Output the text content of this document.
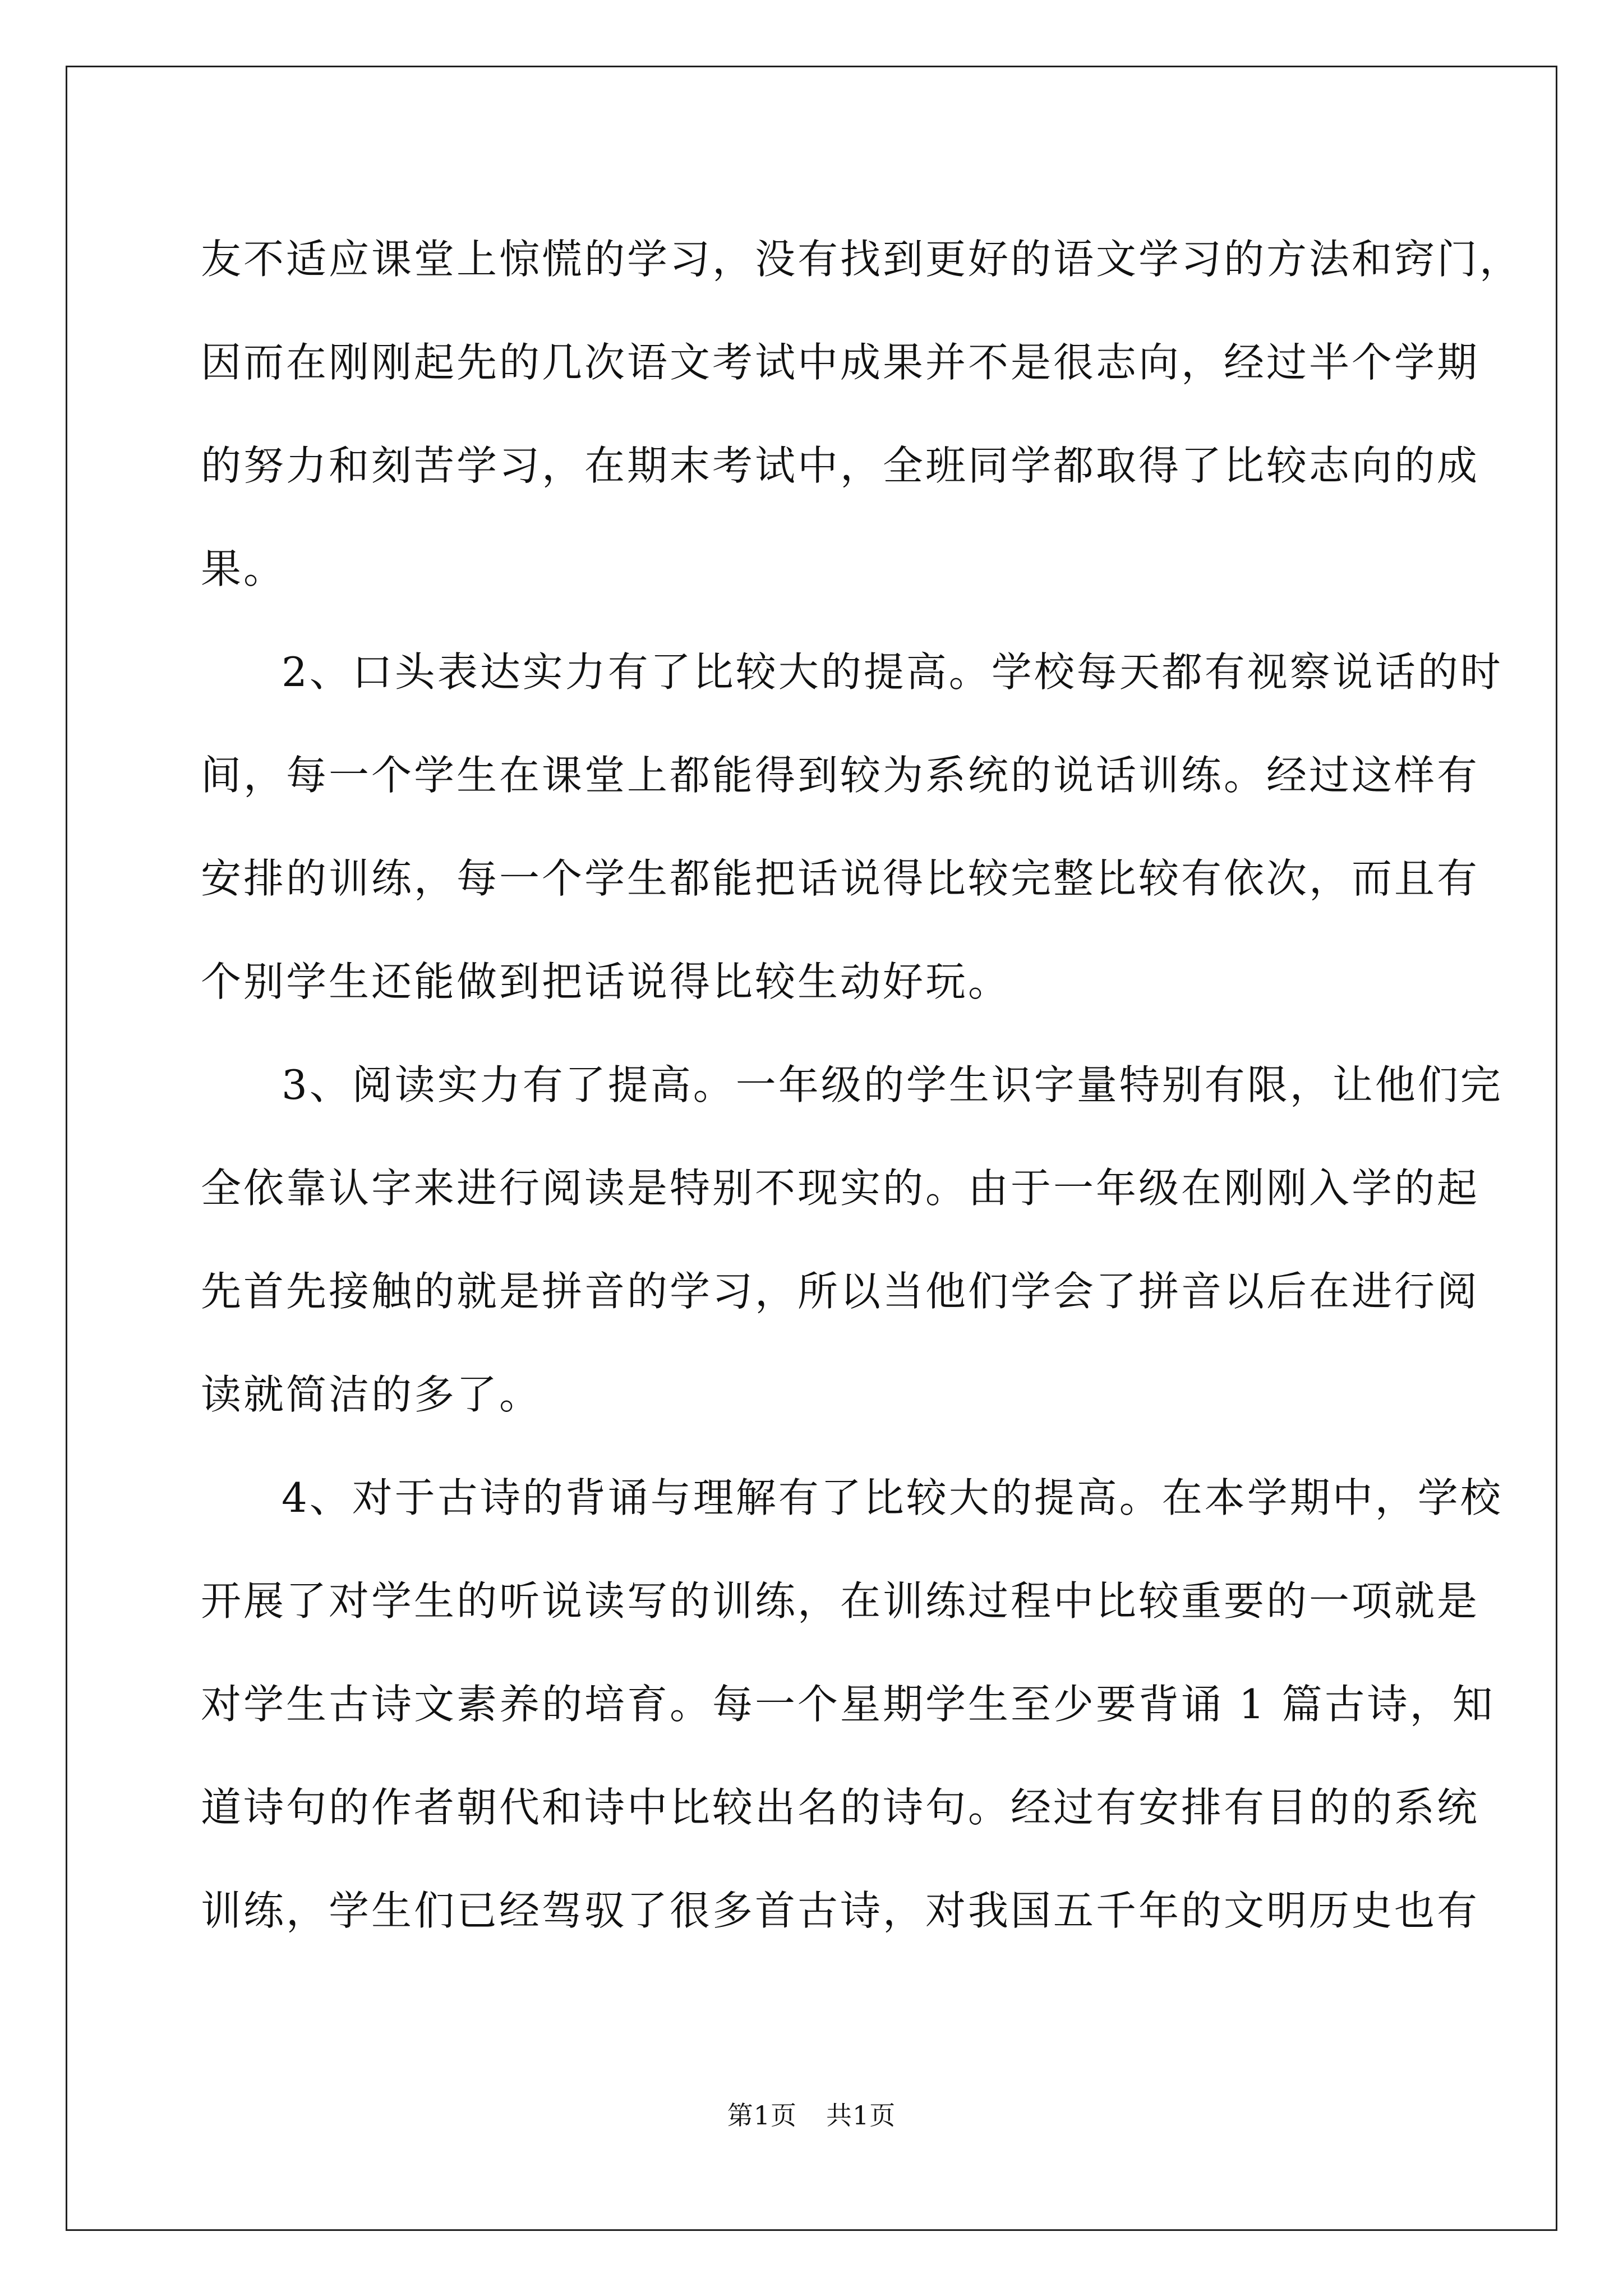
友不适应课堂上惊慌的学习，没有找到更好的语文学习的方法和窍门，
因而在刚刚起先的几次语文考试中成果并不是很志向，经过半个学期
的努力和刻苦学习，在期末考试中，全班同学都取得了比较志向的成
果。
2、口头表达实力有了比较大的提高。学校每天都有视察说话的时
间，每一个学生在课堂上都能得到较为系统的说话训练。经过这样有
安排的训练，每一个学生都能把话说得比较完整比较有依次，而且有
个别学生还能做到把话说得比较生动好玩。
3、阅读实力有了提高。一年级的学生识字量特别有限，让他们完
全依靠认字来进行阅读是特别不现实的。由于一年级在刚刚入学的起
先首先接触的就是拼音的学习，所以当他们学会了拼音以后在进行阅
读就简洁的多了。
4、对于古诗的背诵与理解有了比较大的提高。在本学期中，学校
开展了对学生的听说读写的训练，在训练过程中比较重要的一项就是
对学生古诗文素养的培育。每一个星期学生至少要背诵 1 篇古诗，知
道诗句的作者朝代和诗中比较出名的诗句。经过有安排有目的的系统
训练，学生们已经驾驭了很多首古诗，对我国五千年的文明历史也有
第1页 共1页
